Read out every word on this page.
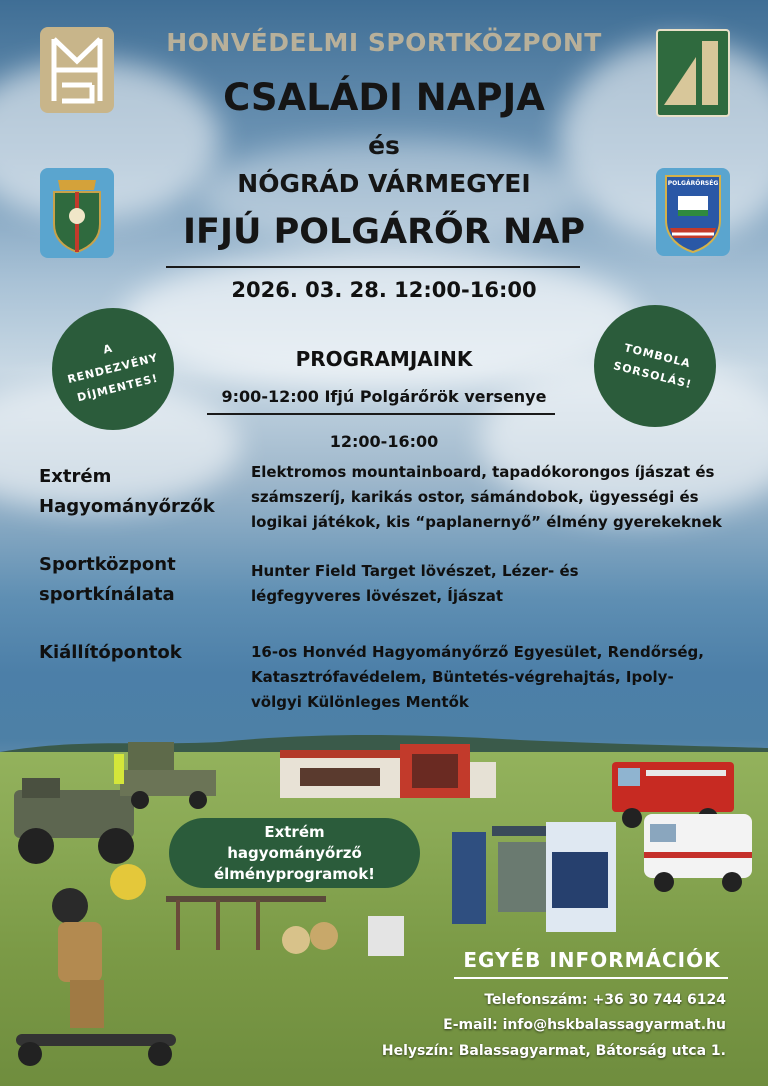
POLGÁRŐRSÉG
HONVÉDELMI SPORTKÖZPONT
CSALÁDI NAPJA
és
NÓGRÁD VÁRMEGYEI
IFJÚ POLGÁRŐR NAP
2026. 03. 28. 12:00-16:00
A RENDEZVÉNY DÍJMENTES!
TOMBOLA SORSOLÁS!
PROGRAMJAINK
9:00-12:00 Ifjú Polgárőrök versenye
12:00-16:00
Extrém Hagyományőrzők
Elektromos mountainboard, tapadókorongos íjászat és számszeríj, karikás ostor, sámándobok, ügyességi és logikai játékok, kis “paplanernyő” élmény gyerekeknek
Sportközpont sportkínálata
Hunter Field Target lövészet, Lézer- és légfegyveres lövészet, Íjászat
Kiállítópontok	16-os Honvéd Hagyományőrző Egyesület, Rendőrség, Katasztrófavédelem, Büntetés-végrehajtás, Ipoly-völgyi Különleges Mentők
Extrém hagyományőrző élményprogramok!
EGYÉB INFORMÁCIÓK
Telefonszám: +36 30 744 6124
E-mail: info@hskbalassagyarmat.hu
Helyszín: Balassagyarmat, Bátorság utca 1.
